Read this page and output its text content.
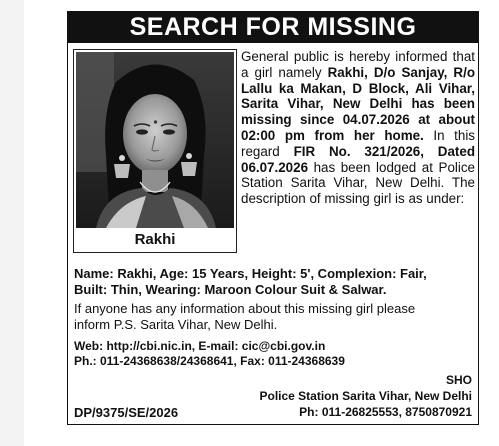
SEARCH FOR MISSING
Rakhi
General public is hereby informed that a girl namely Rakhi, D/o Sanjay, R/o Lallu ka Makan, D Block, Ali Vihar, Sarita Vihar, New Delhi has been missing since 04.07.2026 at about 02:00 pm from her home. In this regard FIR No. 321/2026, Dated 06.07.2026 has been lodged at Police Station Sarita Vihar, New Delhi. The description of missing girl is as under:
Name: Rakhi, Age: 15 Years, Height: 5', Complexion: Fair,
Built: Thin, Wearing: Maroon Colour Suit & Salwar.
If anyone has any information about this missing girl please
inform P.S. Sarita Vihar, New Delhi.
Web: http://cbi.nic.in, E-mail: cic@cbi.gov.in
Ph.: 011-24368638/24368641, Fax: 011-24368639
SHO
Police Station Sarita Vihar, New Delhi
DP/9375/SE/2026	Ph: 011-26825553, 8750870921
